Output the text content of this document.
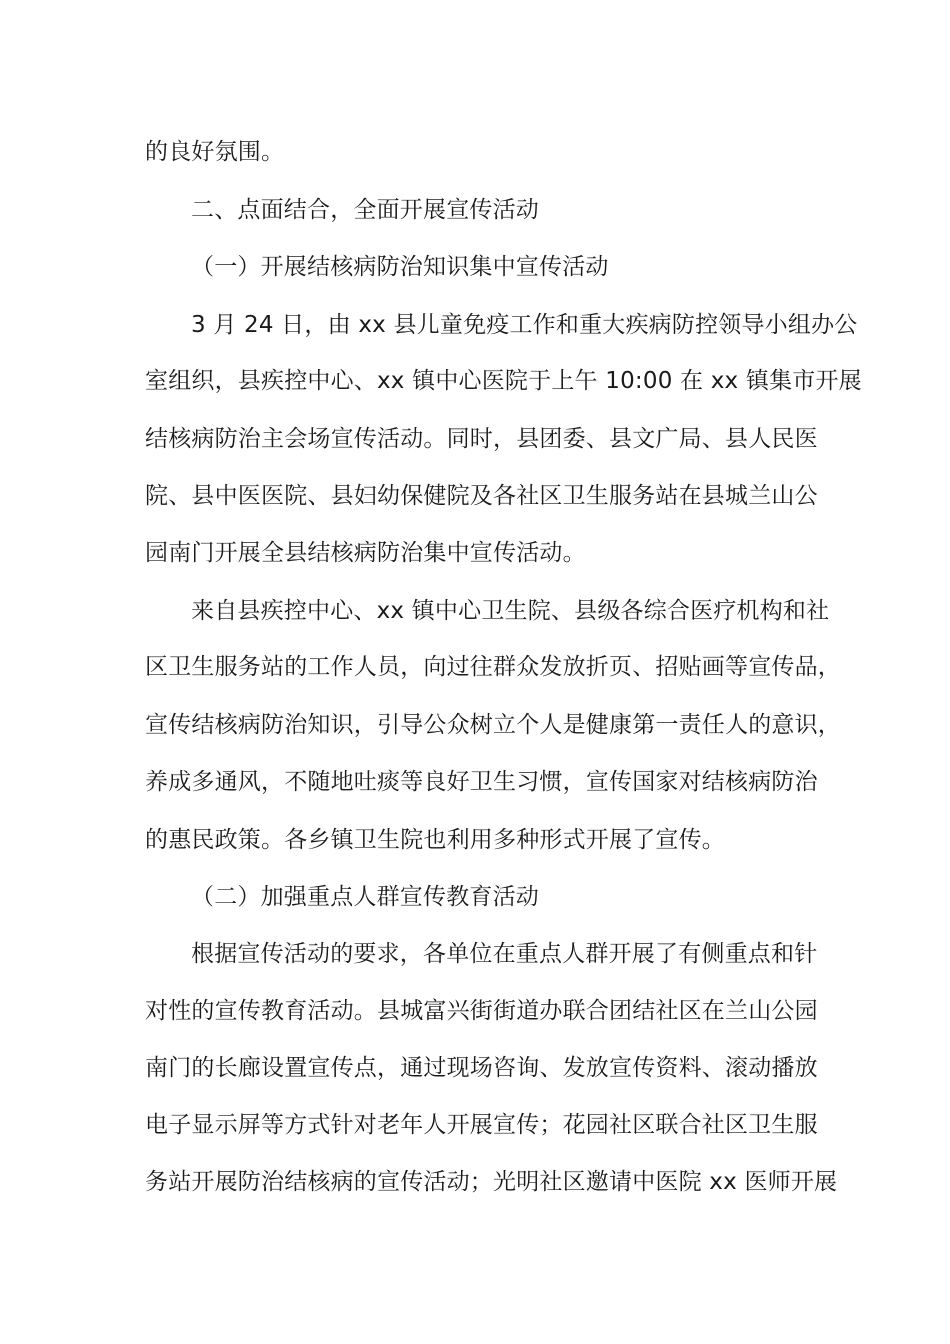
的良好氛围。
二、点面结合，全面开展宣传活动
（一）开展结核病防治知识集中宣传活动
3 月 24 日，由 xx 县儿童免疫工作和重大疾病防控领导小组办公
室组织，县疾控中心、xx 镇中心医院于上午 10:00 在 xx 镇集市开展
结核病防治主会场宣传活动。同时，县团委、县文广局、县人民医
院、县中医医院、县妇幼保健院及各社区卫生服务站在县城兰山公
园南门开展全县结核病防治集中宣传活动。
来自县疾控中心、xx 镇中心卫生院、县级各综合医疗机构和社
区卫生服务站的工作人员，向过往群众发放折页、招贴画等宣传品，
宣传结核病防治知识，引导公众树立个人是健康第一责任人的意识，
养成多通风，不随地吐痰等良好卫生习惯，宣传国家对结核病防治
的惠民政策。各乡镇卫生院也利用多种形式开展了宣传。
（二）加强重点人群宣传教育活动
根据宣传活动的要求，各单位在重点人群开展了有侧重点和针
对性的宣传教育活动。县城富兴街街道办联合团结社区在兰山公园
南门的长廊设置宣传点，通过现场咨询、发放宣传资料、滚动播放
电子显示屏等方式针对老年人开展宣传；花园社区联合社区卫生服
务站开展防治结核病的宣传活动；光明社区邀请中医院 xx 医师开展
